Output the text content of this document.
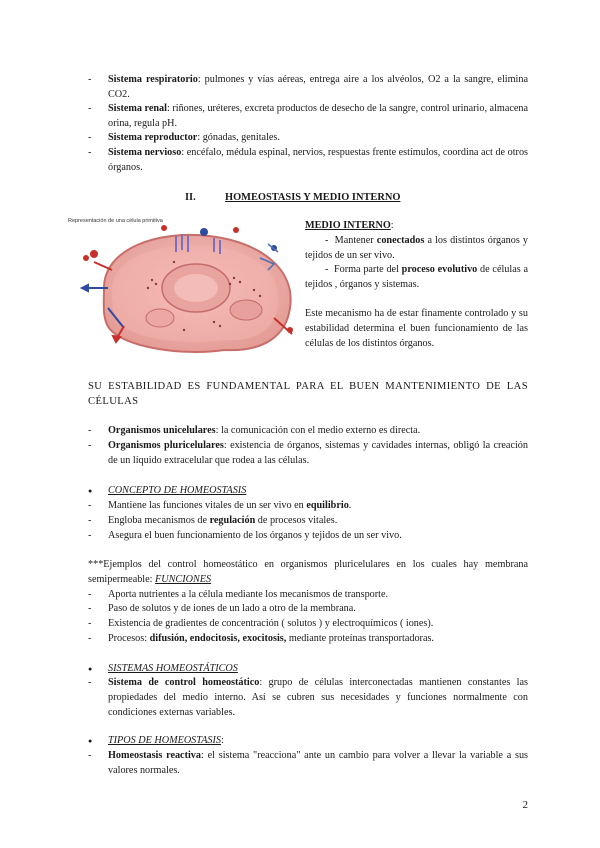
-
Sistema respiratorio: pulmones y vías aéreas, entrega aire a los alvéolos, O2 a la sangre, elimina CO2.
-
Sistema renal: riñones, uréteres, excreta productos de desecho de la sangre, control urinario, almacena orina, regula pH.
-
Sistema reproductor: gónadas, genitales.
-
Sistema nervioso: encéfalo, médula espinal, nervios, respuestas frente estímulos, coordina act de otros órganos.
II.	HOMEOSTASIS Y MEDIO INTERNO
Representación de una célula primitiva	MEDIO INTERNO:
-  Mantener conectados a los distintos órganos y tejidos de un ser vivo.
-  Forma parte del proceso evolutivo de células a tejidos , órganos y sistemas.
Este mecanismo ha de estar finamente controlado y su estabilidad determina el buen funcionamiento de las células de los distintos órganos.
SU ESTABILIDAD ES FUNDAMENTAL PARA EL BUEN MANTENIMIENTO DE LAS CÉLULAS
-
Organismos unicelulares: la comunicación con el medio externo es directa.
-
Organismos pluricelulares: existencia de órganos, sistemas y cavidades internas, obligó la creación de un líquido extracelular que rodea a las células.
●
CONCEPTO DE HOMEOSTASIS
-
Mantiene las funciones vitales de un ser vivo en equilibrio.
-
Engloba mecanismos de regulación de procesos vitales.
-
Asegura el buen funcionamiento de los órganos y tejidos de un ser vivo.
***Ejemplos del control homeostático en organismos pluricelulares en los cuales hay membrana semipermeable: FUNCIONES
-
Aporta nutrientes a la célula mediante los mecanismos de transporte.
-
Paso de solutos y de iones de un lado a otro de la membrana.
-
Existencia de gradientes de concentración ( solutos ) y electroquímicos ( iones).
-
Procesos: difusión, endocitosis, exocitosis, mediante proteínas transportadoras.
●
SISTEMAS HOMEOSTÁTICOS
-
Sistema de control homeostático: grupo de células interconectadas mantienen constantes las propiedades del medio interno. Así se cubren sus necesidades y funciones normalmente con condiciones externas variables.
●
TIPOS DE HOMEOSTASIS:
-
Homeostasis reactiva: el sistema "reacciona" ante un cambio para volver a llevar la variable a sus valores normales.
2
